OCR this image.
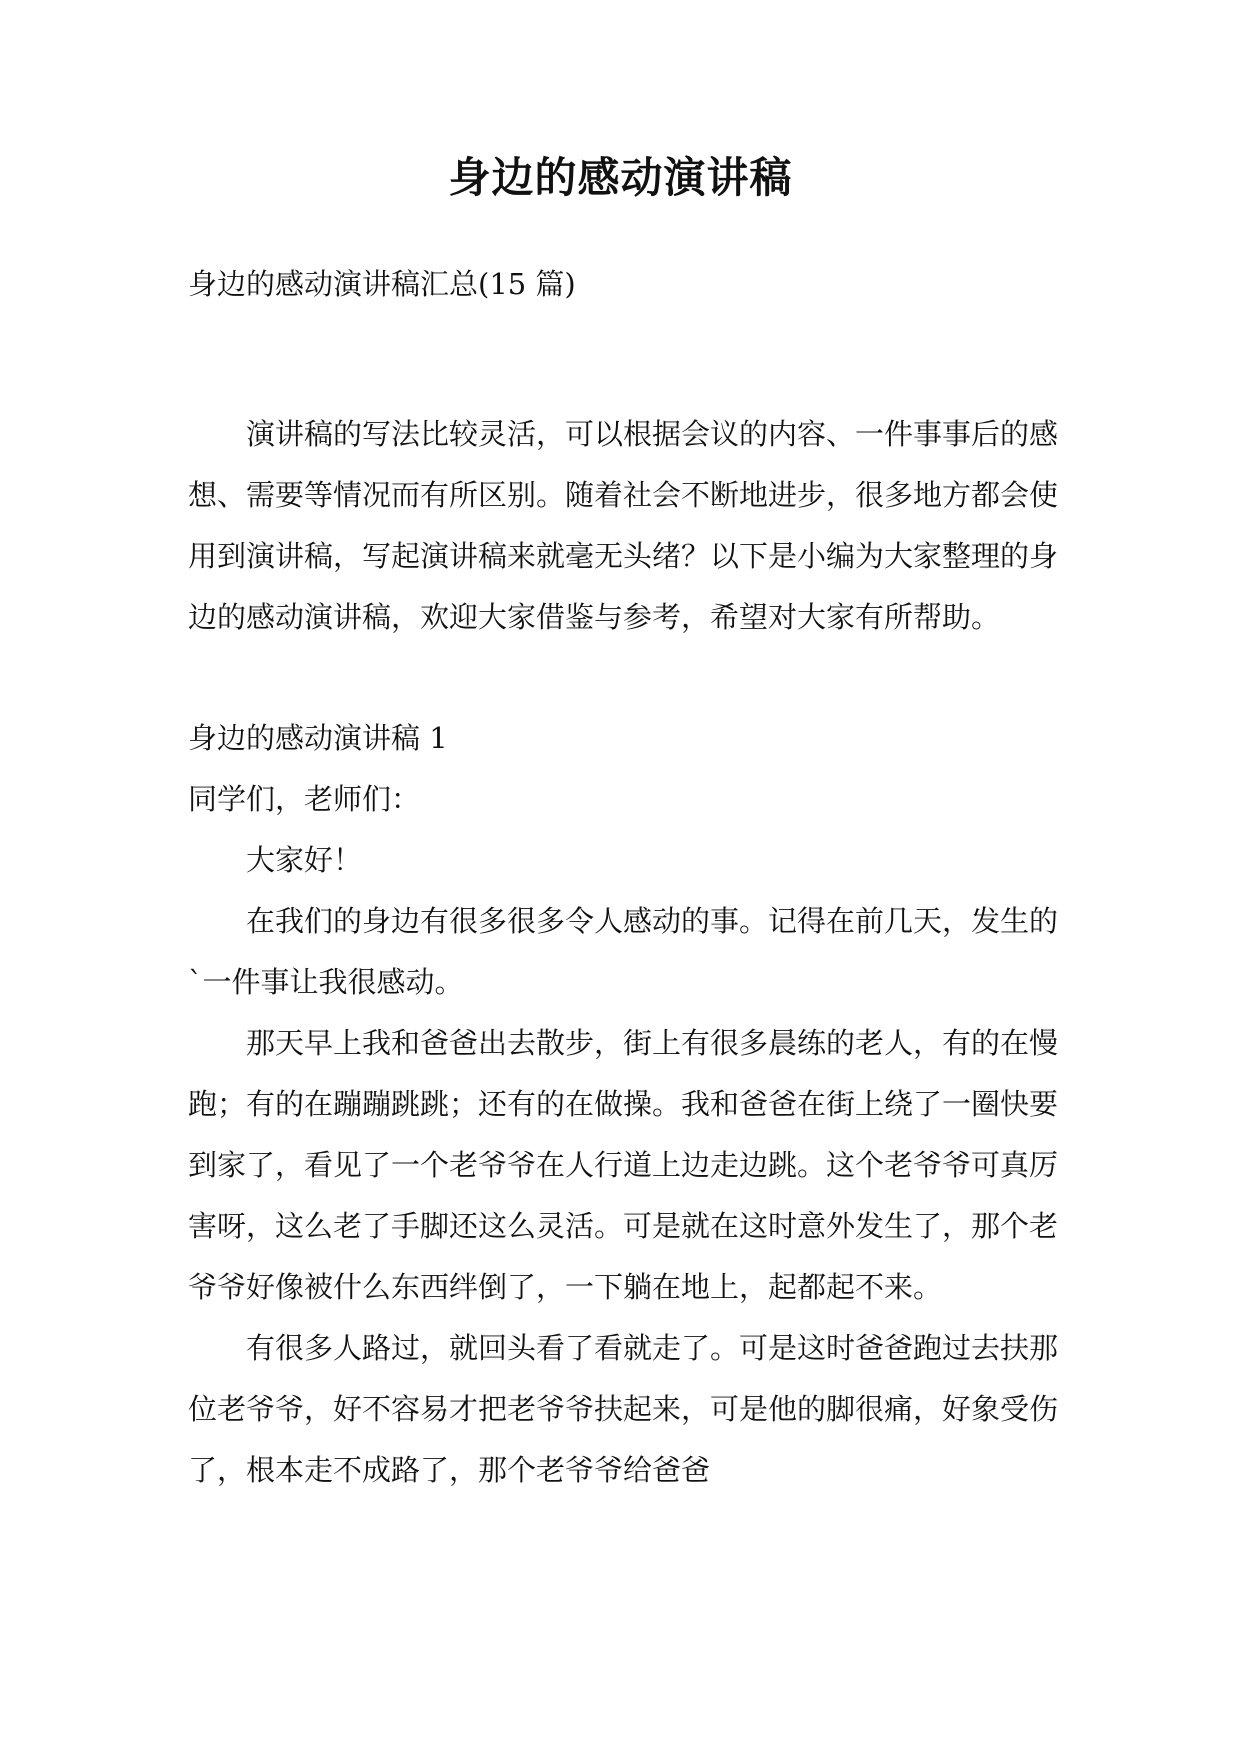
身边的感动演讲稿
身边的感动演讲稿汇总(15 篇)

演讲稿的写法比较灵活，可以根据会议的内容、一件事事后的感想、需要等情况而有所区别。随着社会不断地进步，很多地方都会使用到演讲稿，写起演讲稿来就毫无头绪？以下是小编为大家整理的身边的感动演讲稿，欢迎大家借鉴与参考，希望对大家有所帮助。

身边的感动演讲稿 1

同学们，老师们：

大家好！

在我们的身边有很多很多令人感动的事。记得在前几天，发生的`一件事让我很感动。

那天早上我和爸爸出去散步，街上有很多晨练的老人，有的在慢跑；有的在蹦蹦跳跳；还有的在做操。我和爸爸在街上绕了一圈快要到家了，看见了一个老爷爷在人行道上边走边跳。这个老爷爷可真厉害呀，这么老了手脚还这么灵活。可是就在这时意外发生了，那个老爷爷好像被什么东西绊倒了，一下躺在地上，起都起不来。

有很多人路过，就回头看了看就走了。可是这时爸爸跑过去扶那位老爷爷，好不容易才把老爷爷扶起来，可是他的脚很痛，好象受伤了，根本走不成路了，那个老爷爷给爸爸
